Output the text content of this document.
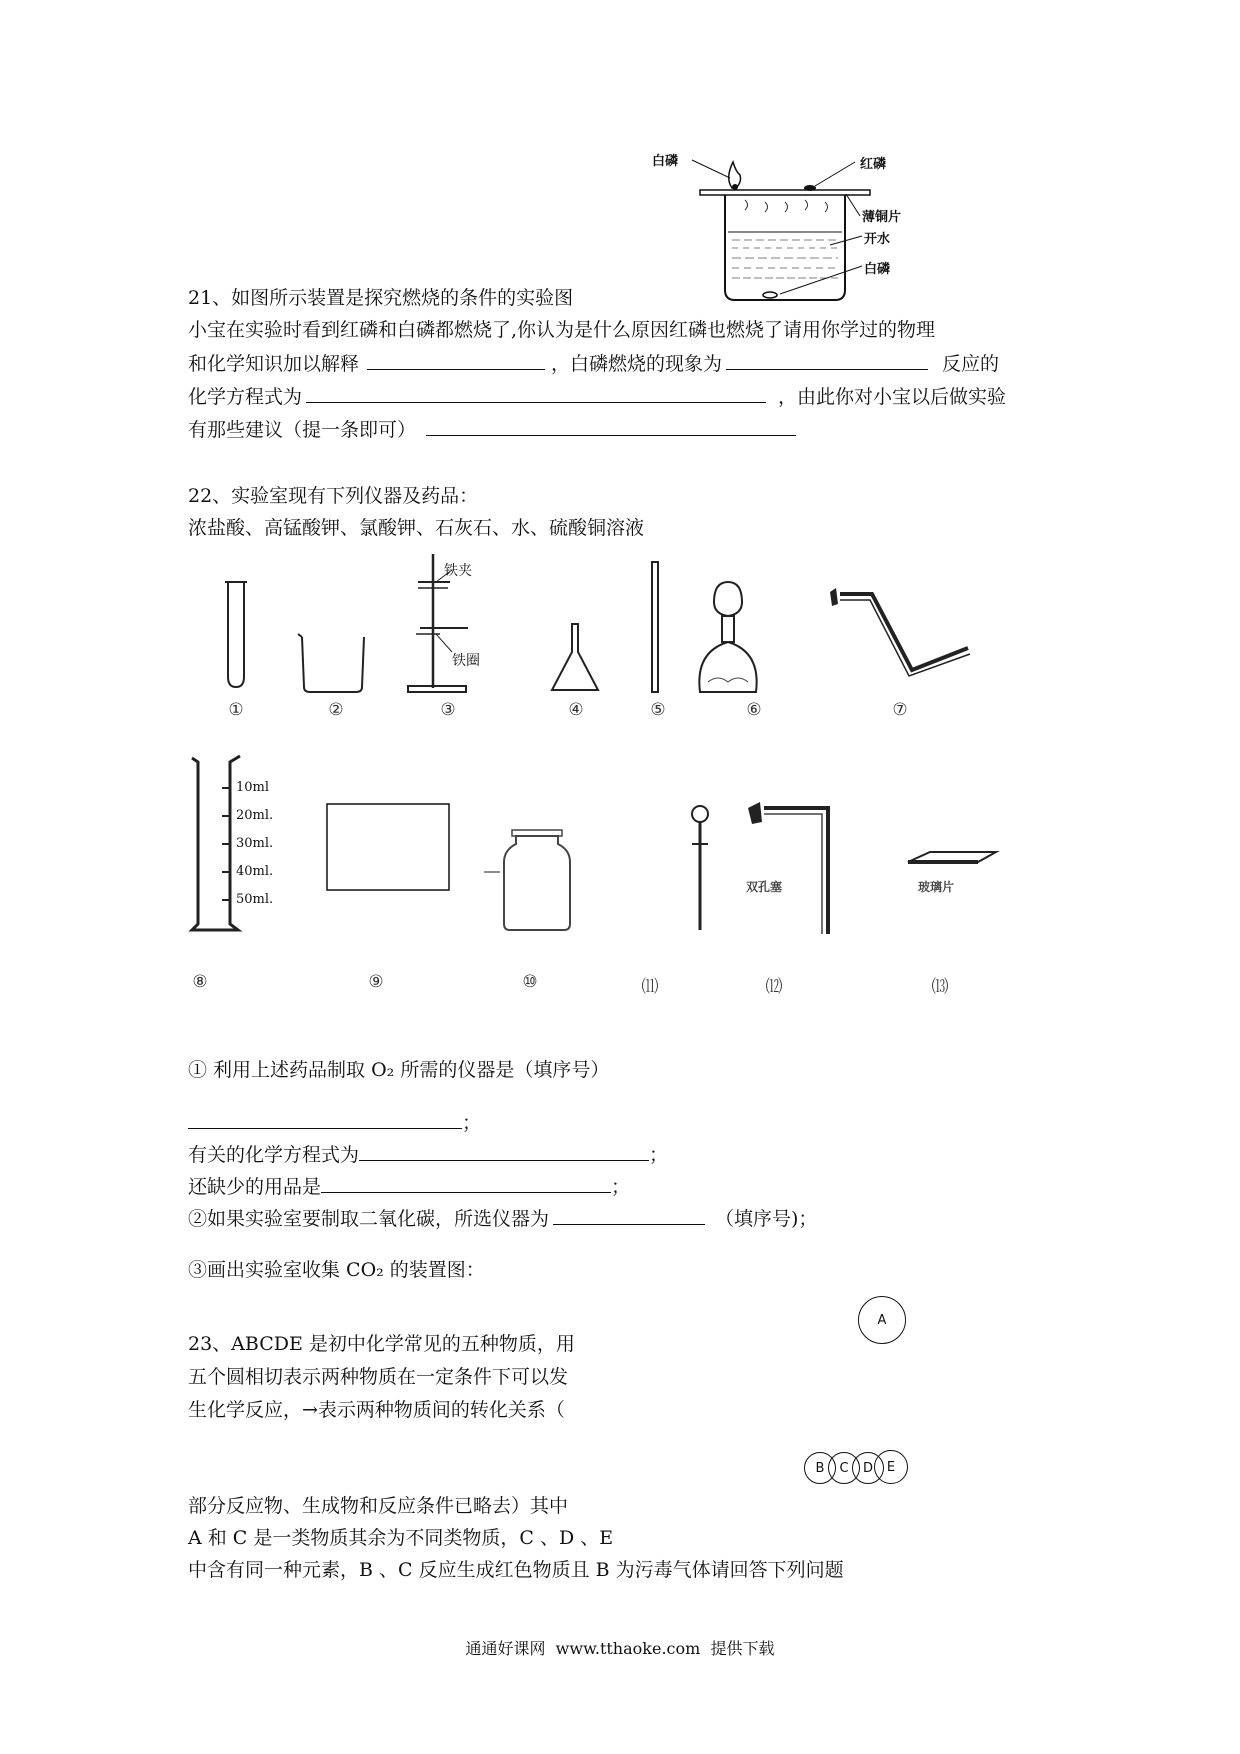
白磷	红磷
薄铜片
开水
白磷
21、如图所示装置是探究燃烧的条件的实验图
小宝在实验时看到红磷和白磷都燃烧了,你认为是什么原因红磷也燃烧了请用你学过的物理
和化学知识加以解释	，白磷燃烧的现象为	反应的
化学方程式为	，由此你对小宝以后做实验
有那些建议（提一条即可）
22、实验室现有下列仪器及药品：
浓盐酸、高锰酸钾、氯酸钾、石灰石、水、硫酸铜溶液
铁夹
铁圈
①	②	③	④	⑤	⑥	⑦
10ml
20ml.
30ml.
40ml.
50ml.
双孔塞	玻璃片
⑧	⑨	⑩	⑾	⑿	⒀
① 利用上述药品制取 O₂ 所需的仪器是（填序号）
；
有关的化学方程式为	；
还缺少的用品是	；
②如果实验室要制取二氧化碳，所选仪器为	（填序号)；
③画出实验室收集 CO₂ 的装置图：
A
23、ABCDE 是初中化学常见的五种物质，用
五个圆相切表示两种物质在一定条件下可以发
生化学反应，→表示两种物质间的转化关系（
B	C	D	E
部分反应物、生成物和反应条件已略去）其中
A 和 C 是一类物质其余为不同类物质，C 、D 、E
中含有同一种元素，B 、C 反应生成红色物质且 B 为污毒气体请回答下列问题
通通好课网  www.tthaoke.com  提供下载
